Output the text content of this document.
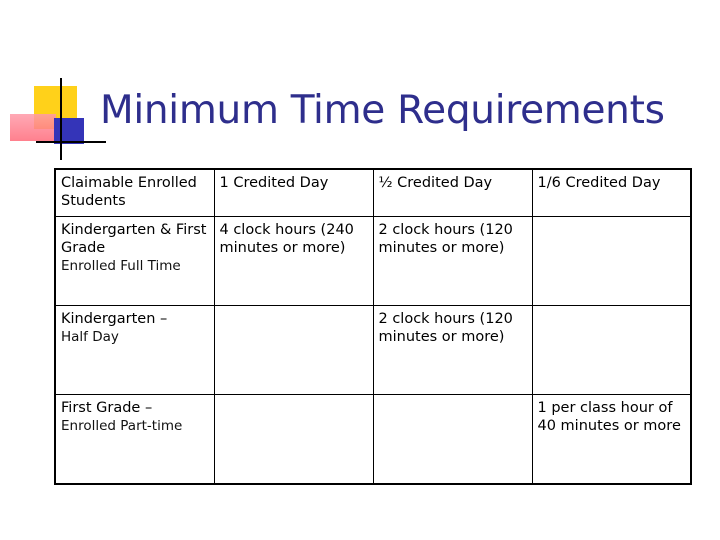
Minimum Time Requirements
Claimable Enrolled Students	1 Credited Day	½ Credited Day	1/6 Credited Day

Kindergarten & First Grade
Enrolled Full Time	4 clock hours (240 minutes or more)	2 clock hours (120 minutes or more)	

Kindergarten –
Half Day		2 clock hours (120 minutes or more)	

First Grade –
Enrolled Part-time			1 per class hour of 40 minutes or more
